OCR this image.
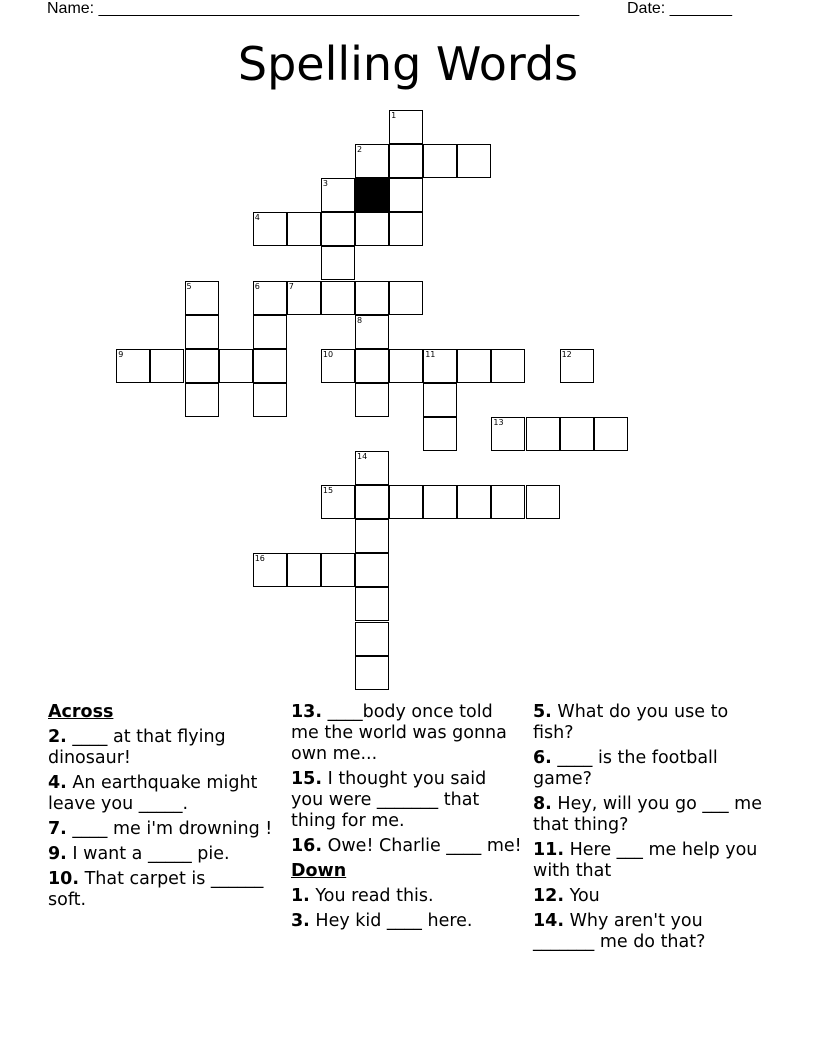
Name: ______________________________________________________	Date: _______
Spelling Words
1
2
3
4
5	6	7
8
9	10	11	12
13
14
15
16
Across
2. ____ at that flying dinosaur!
4. An earthquake might leave you _____.
7. ____ me i'm drowning !
9. I want a _____ pie.
10. That carpet is ______ soft.
13. ____body once told me the world was gonna own me...
15. I thought you said you were _______ that thing for me.
16. Owe! Charlie ____ me!
Down
1. You read this.
3. Hey kid ____ here.
5. What do you use to fish?
6. ____ is the football game?
8. Hey, will you go ___ me that thing?
11. Here ___ me help you with that
12. You
14. Why aren't you _______ me do that?
